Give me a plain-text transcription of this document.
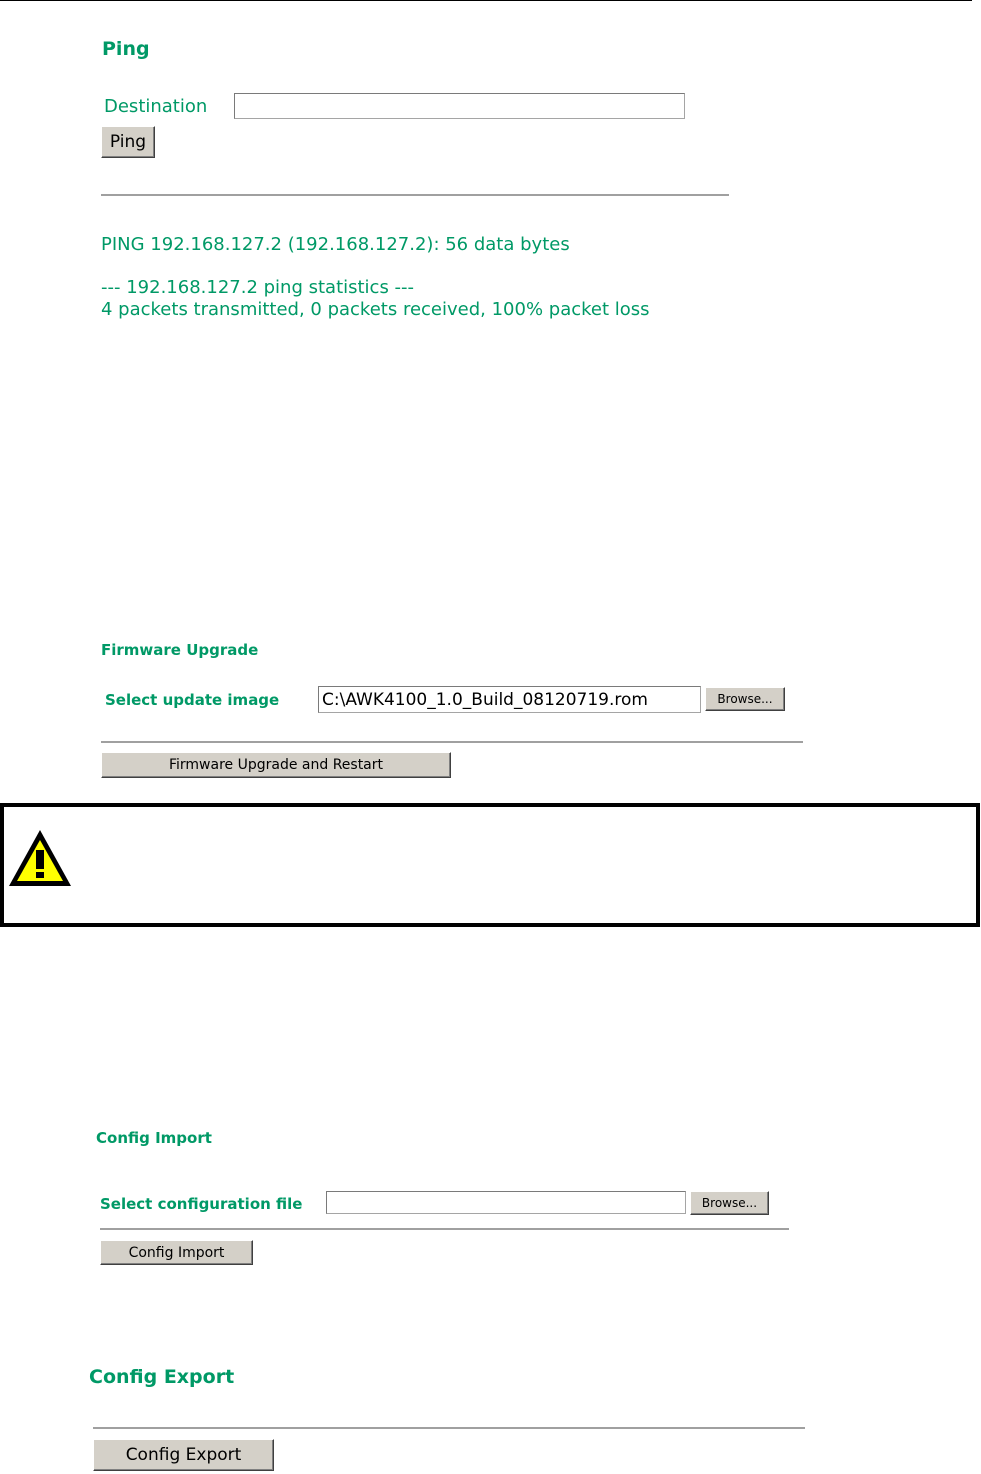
Ping
Destination
Ping
PING 192.168.127.2 (192.168.127.2): 56 data bytes
--- 192.168.127.2 ping statistics ---
4 packets transmitted, 0 packets received, 100% packet loss
Firmware Upgrade
Select update image
C:\AWK4100_1.0_Build_08120719.rom	Browse...
Firmware Upgrade and Restart
Config Import
Select configuration file	Browse...
Config Import
Config Export
Config Export
